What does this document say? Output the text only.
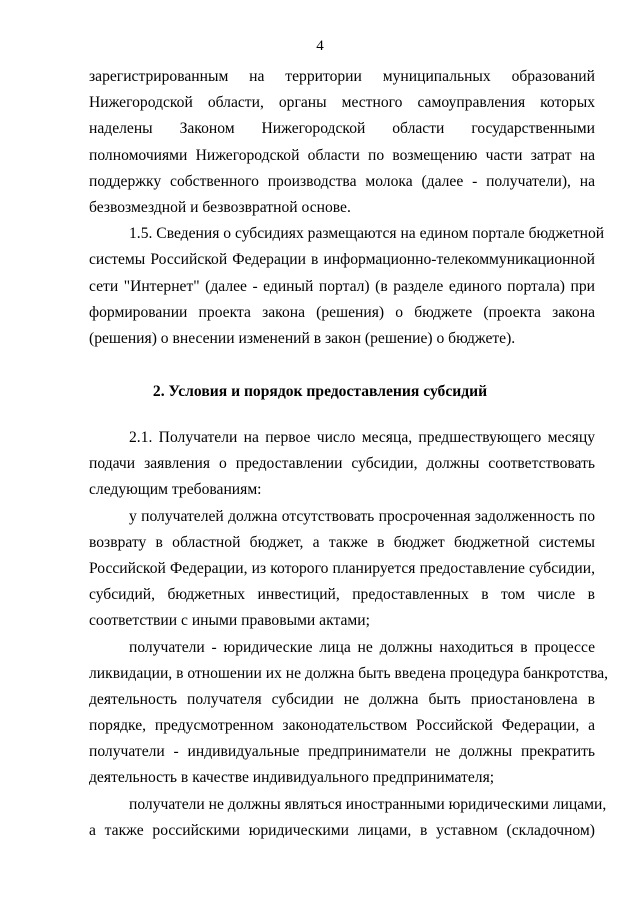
4
зарегистрированным на территории муниципальных образований
Нижегородской области, органы местного самоуправления которых
наделены Законом Нижегородской области государственными
полномочиями Нижегородской области по возмещению части затрат на
поддержку собственного производства молока (далее - получатели), на
безвозмездной и безвозвратной основе.
1.5. Сведения о субсидиях размещаются на едином портале бюджетной
системы Российской Федерации в информационно-телекоммуникационной
сети "Интернет" (далее - единый портал) (в разделе единого портала) при
формировании проекта закона (решения) о бюджете (проекта закона
(решения) о внесении изменений в закон (решение) о бюджете).
2. Условия и порядок предоставления субсидий
2.1. Получатели на первое число месяца, предшествующего месяцу
подачи заявления о предоставлении субсидии, должны соответствовать
следующим требованиям:
у получателей должна отсутствовать просроченная задолженность по
возврату в областной бюджет, а также в бюджет бюджетной системы
Российской Федерации, из которого планируется предоставление субсидии,
субсидий, бюджетных инвестиций, предоставленных в том числе в
соответствии с иными правовыми актами;
получатели - юридические лица не должны находиться в процессе
ликвидации, в отношении их не должна быть введена процедура банкротства,
деятельность получателя субсидии не должна быть приостановлена в
порядке, предусмотренном законодательством Российской Федерации, а
получатели - индивидуальные предприниматели не должны прекратить
деятельность в качестве индивидуального предпринимателя;
получатели не должны являться иностранными юридическими лицами,
а также российскими юридическими лицами, в уставном (складочном)
